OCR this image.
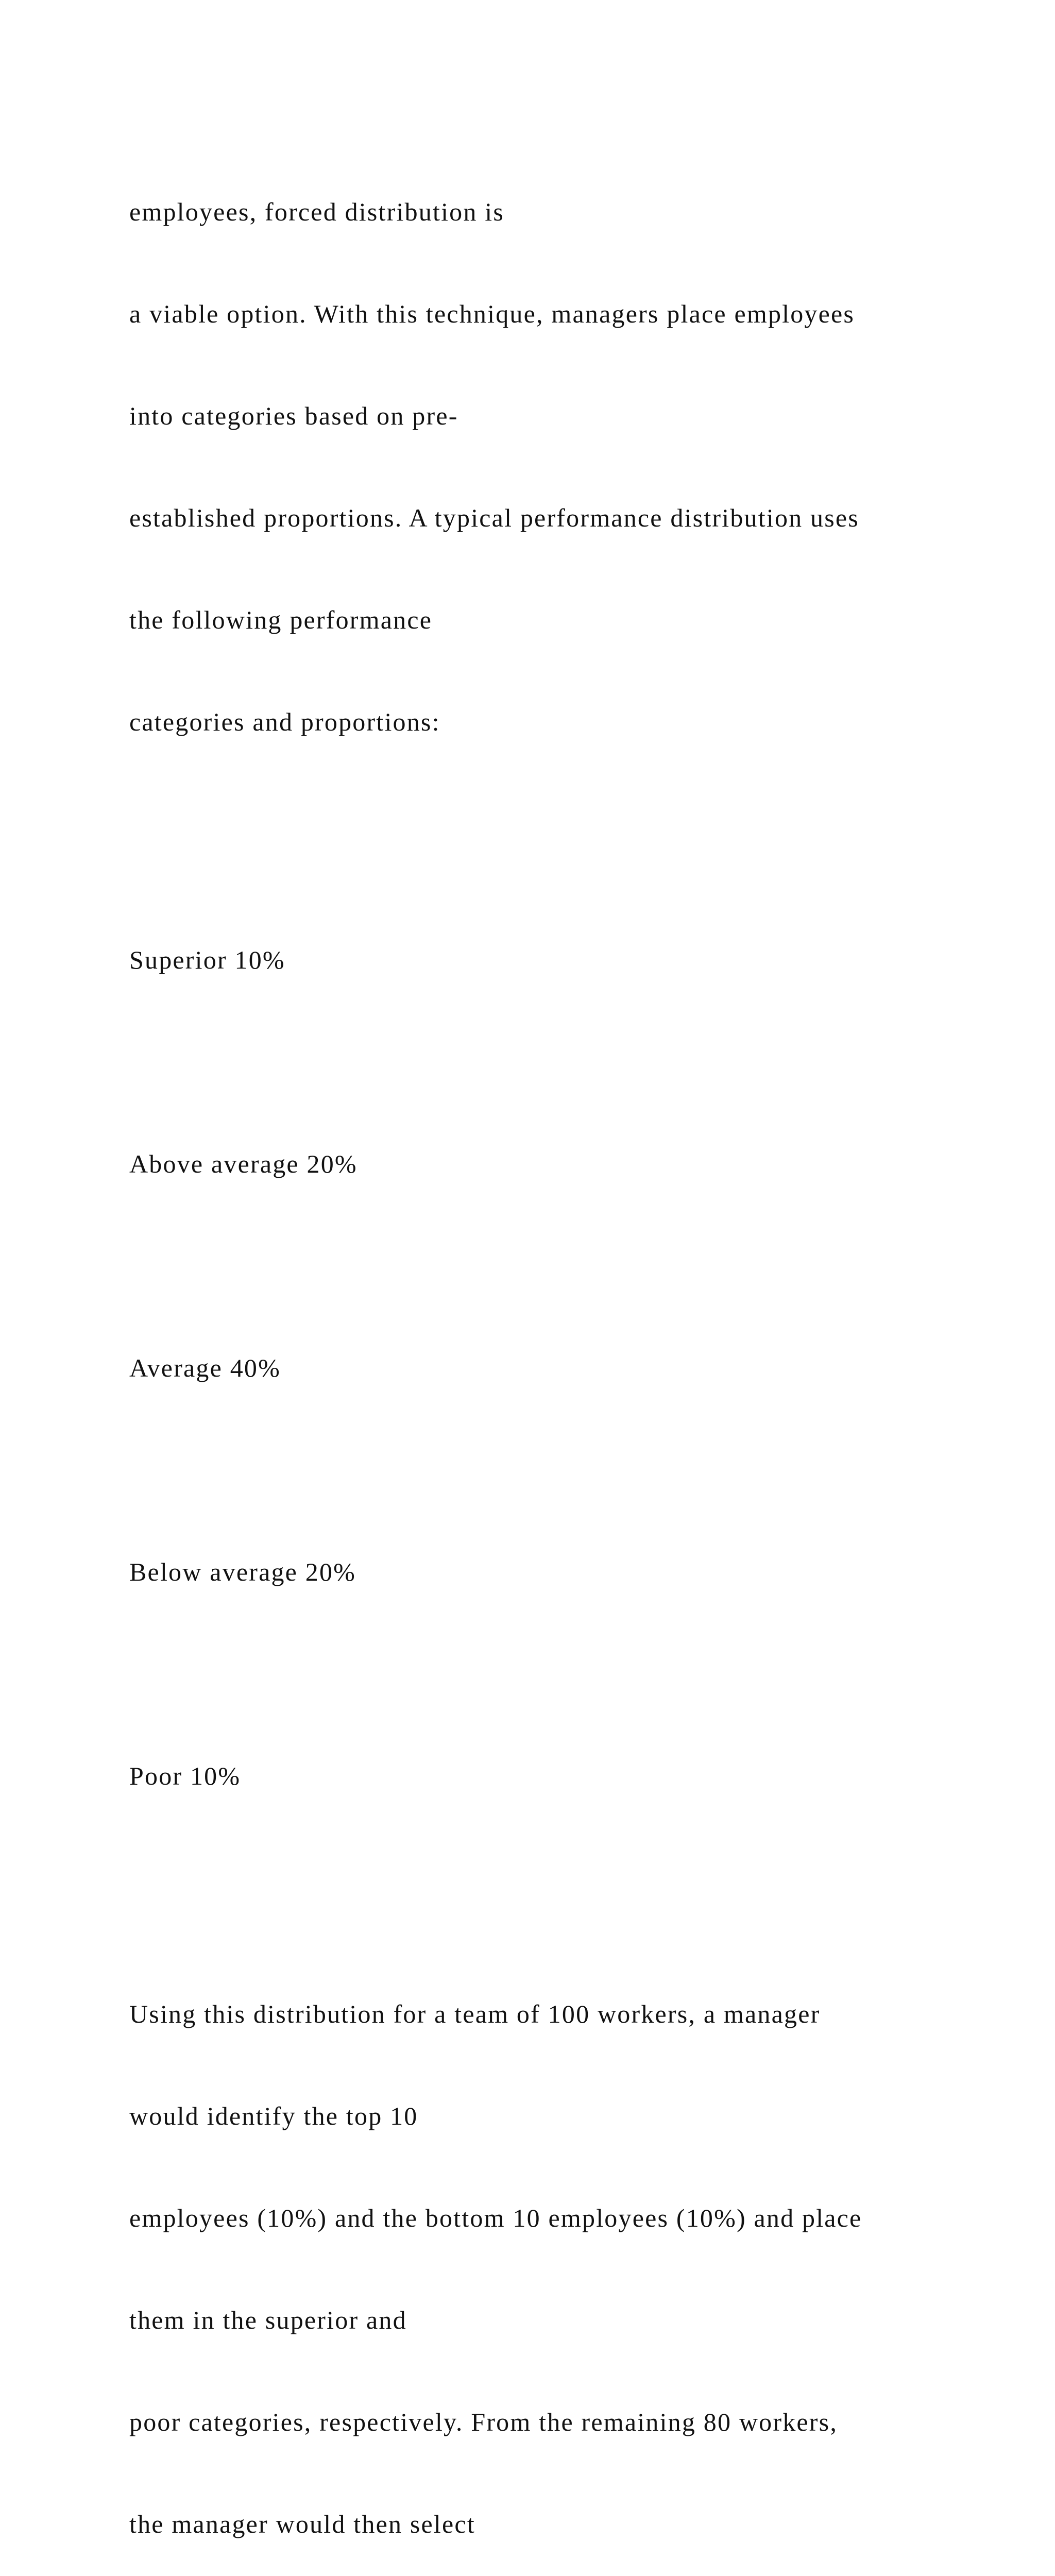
employees, forced distribution is

a viable option. With this technique, managers place employees

into categories based on pre-

established proportions. A typical performance distribution uses

the following performance

categories and proportions:

Superior 10%

Above average 20%

Average 40%

Below average 20%

Poor 10%

Using this distribution for a team of 100 workers, a manager

would identify the top 10

employees (10%) and the bottom 10 employees (10%) and place

them in the superior and

poor categories, respectively. From the remaining 80 workers,

the manager would then select
